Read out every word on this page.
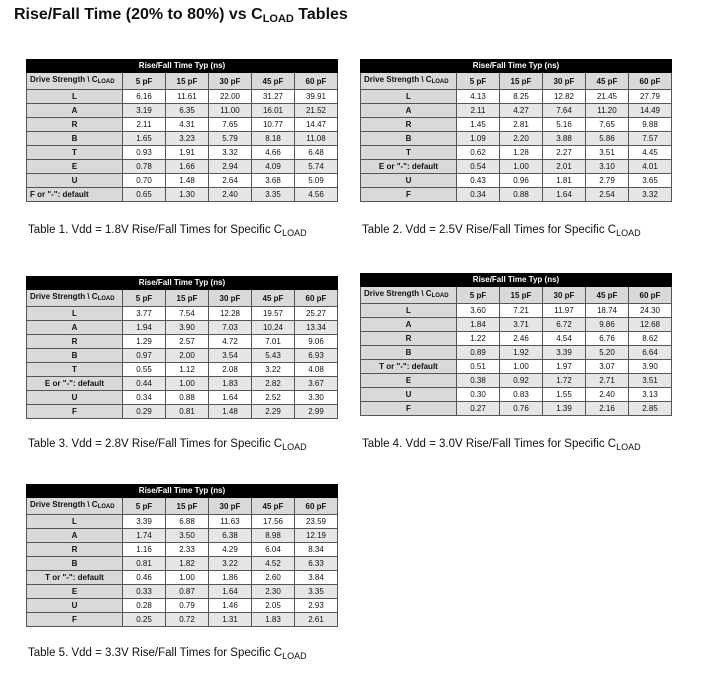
Rise/Fall Time (20% to 80%) vs $C_{LOAD}$ Tables
Rise/Fall Time Typ (ns)					
Drive Strength \ CLOAD	5 pF	15 pF	30 pF	45 pF	60 pF
L	6.16	11.61	22.00	31.27	39.91
A	3.19	6.35	11.00	16.01	21.52
R	2.11	4.31	7.65	10.77	14.47
B	1.65	3.23	5.79	8.18	11.08
T	0.93	1.91	3.32	4.66	6.48
E	0.78	1.66	2.94	4.09	5.74
U	0.70	1.48	2.64	3.68	5.09
F or "-": default	0.65	1.30	2.40	3.35	4.56
Table 1. Vdd = 1.8V Rise/Fall Times for Specific $C_{LOAD}$
Rise/Fall Time Typ (ns)					
Drive Strength \ CLOAD	5 pF	15 pF	30 pF	45 pF	60 pF
L	4.13	8.25	12.82	21.45	27.79
A	2.11	4.27	7.64	11.20	14.49
R	1.45	2.81	5.16	7.65	9.88
B	1.09	2.20	3.88	5.86	7.57
T	0.62	1.28	2.27	3.51	4.45
E or "-": default	0.54	1.00	2.01	3.10	4.01
U	0.43	0.96	1.81	2.79	3.65
F	0.34	0.88	1.64	2.54	3.32
Table 2. Vdd = 2.5V Rise/Fall Times for Specific $C_{LOAD}$
Rise/Fall Time Typ (ns)					
Drive Strength \ CLOAD	5 pF	15 pF	30 pF	45 pF	60 pF
L	3.77	7.54	12.28	19.57	25.27
A	1.94	3.90	7.03	10.24	13.34
R	1.29	2.57	4.72	7.01	9.06
B	0.97	2.00	3.54	5.43	6.93
T	0.55	1.12	2.08	3.22	4.08
E or "-": default	0.44	1.00	1.83	2.82	3.67
U	0.34	0.88	1.64	2.52	3.30
F	0.29	0.81	1.48	2.29	2.99
Table 3. Vdd = 2.8V Rise/Fall Times for Specific $C_{LOAD}$
Rise/Fall Time Typ (ns)					
Drive Strength \ CLOAD	5 pF	15 pF	30 pF	45 pF	60 pF
L	3.60	7.21	11.97	18.74	24.30
A	1.84	3.71	6.72	9.86	12.68
R	1.22	2.46	4.54	6.76	8.62
B	0.89	1.92	3.39	5.20	6.64
T or "-": default	0.51	1.00	1.97	3.07	3.90
E	0.38	0.92	1.72	2.71	3.51
U	0.30	0.83	1.55	2.40	3.13
F	0.27	0.76	1.39	2.16	2.85
Table 4. Vdd = 3.0V Rise/Fall Times for Specific $C_{LOAD}$
Rise/Fall Time Typ (ns)					
Drive Strength \ CLOAD	5 pF	15 pF	30 pF	45 pF	60 pF
L	3.39	6.88	11.63	17.56	23.59
A	1.74	3.50	6.38	8.98	12.19
R	1.16	2.33	4.29	6.04	8.34
B	0.81	1.82	3.22	4.52	6.33
T or "-": default	0.46	1.00	1.86	2.60	3.84
E	0.33	0.87	1.64	2.30	3.35
U	0.28	0.79	1.46	2.05	2.93
F	0.25	0.72	1.31	1.83	2.61
Table 5. Vdd = 3.3V Rise/Fall Times for Specific $C_{LOAD}$
